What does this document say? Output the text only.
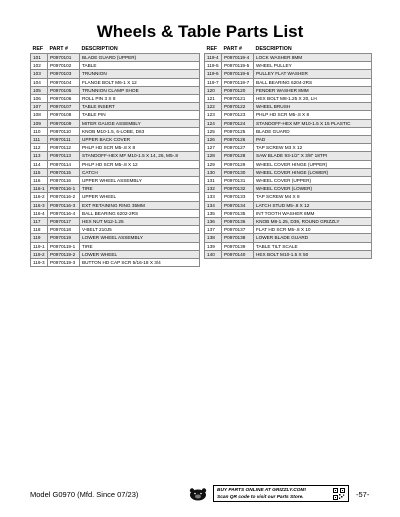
Wheels & Table Parts List
REF	PART #	DESCRIPTION
101	P0970101	BLADE GUARD (UPPER)
102	P0970102	TABLE
103	P0970103	TRUNNION
104	P0970104	FLANGE BOLT M6-1 X 12
105	P0970105	TRUNNION CLAMP SHOE
106	P0970106	ROLL PIN 3 X 8
107	P0970107	TABLE INSERT
108	P0970108	TABLE PIN
109	P0970109	MITER GAUGE ASSEMBLY
110	P0970110	KNOB M10-1.5, 6-LOBE, D63
111	P0970111	UPPER BACK COVER
112	P0970112	PHLP HD SCR M5-.8 X 8
113	P0970113	STANDOFF-HEX MF M10-1.5 X 14, 26, M5-.8
114	P0970114	PHLP HD SCR M5-.8 X 12
115	P0970115	CATCH
116	P0970116	UPPER WHEEL ASSEMBLY
116-1	P0970116-1	TIRE
116-2	P0970116-2	UPPER WHEEL
116-3	P0970116-3	EXT RETAINING RING 35MM
116-4	P0970116-4	BALL BEARING 6202-2RS
117	P0970117	HEX NUT M12-1.25
118	P0970118	V-BELT 210J5
119	P0970119	LOWER WHEEL ASSEMBLY
119-1	P0970119-1	TIRE
119-2	P0970119-2	LOWER WHEEL
119-3	P0970119-3	BUTTON HD CAP SCR 5/16-18 X 3/4
REF	PART #	DESCRIPTION
119-4	P0970119-4	LOCK WASHER 8MM
119-5	P0970119-5	WHEEL PULLEY
119-6	P0970119-6	PULLEY FLAT WASHER
119-7	P0970119-7	BALL BEARING 6204-2RS
120	P0970120	FENDER WASHER 8MM
121	P0970121	HEX BOLT M8-1.25 X 20, LH
122	P0970122	WHEEL BRUSH
123	P0970123	PHLP HD SCR M5-.8 X 8
124	P0970124	STANDOFF-HEX MF M10-1.5 X 15 PLASTIC
125	P0970125	BLADE GUARD
126	P0970126	PAD
127	P0970127	TAP SCREW M3 X 12
128	P0970128	SAW BLADE 93-1/2" X 3/8" 18TPI
129	P0970129	WHEEL COVER HINGE (UPPER)
130	P0970130	WHEEL COVER HINGE (LOWER)
131	P0970131	WHEEL COVER (UPPER)
132	P0970132	WHEEL COVER (LOWER)
133	P0970133	TAP SCREW M4 X 8
134	P0970134	LATCH STUD M5-.8 X 12
135	P0970135	INT TOOTH WASHER 8MM
136	P0970136	KNOB M8-1.25, D39, ROUND GRIZZLY
137	P0970137	FLAT HD SCR M5-.8 X 10
138	P0970138	LOWER BLADE GUARD
139	P0970139	TABLE TILT SCALE
140	P0970140	HEX BOLT M10-1.5 X 50
Model G0970 (Mfd. Since 07/23)	BUY PARTS ONLINE AT GRIZZLY.COM!
Scan QR code to visit our Parts Store.	-57-
